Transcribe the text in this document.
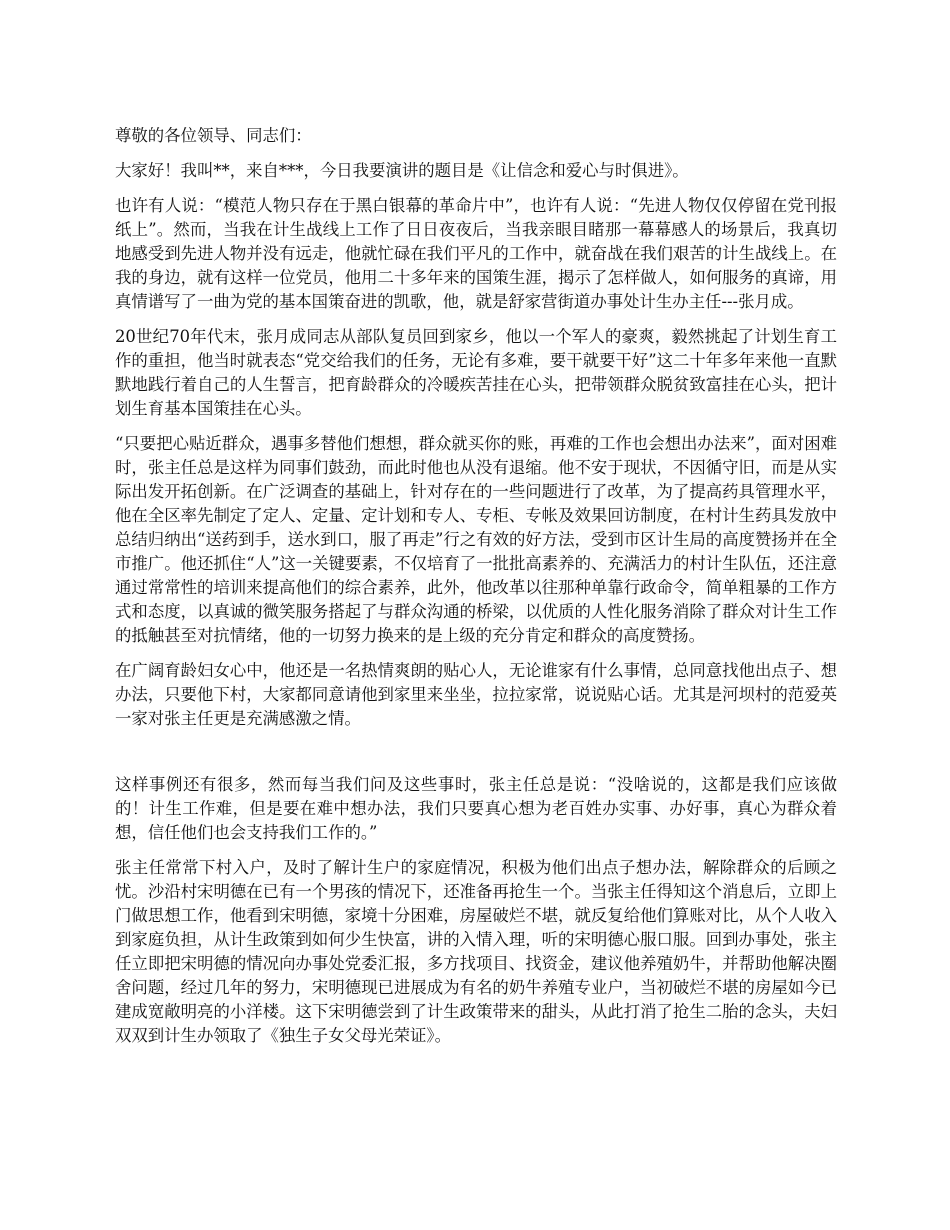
尊敬的各位领导、同志们：

大家好！我叫**，来自***，今日我要演讲的题目是《让信念和爱心与时俱进》。

也许有人说：“模范人物只存在于黑白银幕的革命片中”，也许有人说：“先进人物仅仅停留在党刊报纸上”。然而，当我在计生战线上工作了日日夜夜后，当我亲眼目睹那一幕幕感人的场景后，我真切地感受到先进人物并没有远走，他就忙碌在我们平凡的工作中，就奋战在我们艰苦的计生战线上。在我的身边，就有这样一位党员，他用二十多年来的国策生涯，揭示了怎样做人，如何服务的真谛，用真情谱写了一曲为党的基本国策奋进的凯歌，他，就是舒家营街道办事处计生办主任---张月成。

20世纪70年代末，张月成同志从部队复员回到家乡，他以一个军人的豪爽，毅然挑起了计划生育工作的重担，他当时就表态“党交给我们的任务，无论有多难，要干就要干好”这二十年多年来他一直默默地践行着自己的人生誓言，把育龄群众的冷暖疾苦挂在心头，把带领群众脱贫致富挂在心头，把计划生育基本国策挂在心头。

“只要把心贴近群众，遇事多替他们想想，群众就买你的账，再难的工作也会想出办法来”，面对困难时，张主任总是这样为同事们鼓劲，而此时他也从没有退缩。他不安于现状，不因循守旧，而是从实际出发开拓创新。在广泛调查的基础上，针对存在的一些问题进行了改革，为了提高药具管理水平，他在全区率先制定了定人、定量、定计划和专人、专柜、专帐及效果回访制度，在村计生药具发放中总结归纳出“送药到手，送水到口，服了再走”行之有效的好方法，受到市区计生局的高度赞扬并在全市推广。他还抓住“人”这一关键要素，不仅培育了一批批高素养的、充满活力的村计生队伍，还注意通过常常性的培训来提高他们的综合素养，此外，他改革以往那种单靠行政命令，简单粗暴的工作方式和态度，以真诚的微笑服务搭起了与群众沟通的桥梁，以优质的人性化服务消除了群众对计生工作的抵触甚至对抗情绪，他的一切努力换来的是上级的充分肯定和群众的高度赞扬。

在广阔育龄妇女心中，他还是一名热情爽朗的贴心人，无论谁家有什么事情，总同意找他出点子、想办法，只要他下村，大家都同意请他到家里来坐坐，拉拉家常，说说贴心话。尤其是河坝村的范爱英一家对张主任更是充满感激之情。

这样事例还有很多，然而每当我们问及这些事时，张主任总是说：“没啥说的，这都是我们应该做的！计生工作难，但是要在难中想办法，我们只要真心想为老百姓办实事、办好事，真心为群众着想，信任他们也会支持我们工作的。”

张主任常常下村入户，及时了解计生户的家庭情况，积极为他们出点子想办法，解除群众的后顾之忧。沙沿村宋明德在已有一个男孩的情况下，还准备再抢生一个。当张主任得知这个消息后，立即上门做思想工作，他看到宋明德，家境十分困难，房屋破烂不堪，就反复给他们算账对比，从个人收入到家庭负担，从计生政策到如何少生快富，讲的入情入理，听的宋明德心服口服。回到办事处，张主任立即把宋明德的情况向办事处党委汇报，多方找项目、找资金，建议他养殖奶牛，并帮助他解决圈舍问题，经过几年的努力，宋明德现已进展成为有名的奶牛养殖专业户，当初破烂不堪的房屋如今已建成宽敞明亮的小洋楼。这下宋明德尝到了计生政策带来的甜头，从此打消了抢生二胎的念头，夫妇双双到计生办领取了《独生子女父母光荣证》。
